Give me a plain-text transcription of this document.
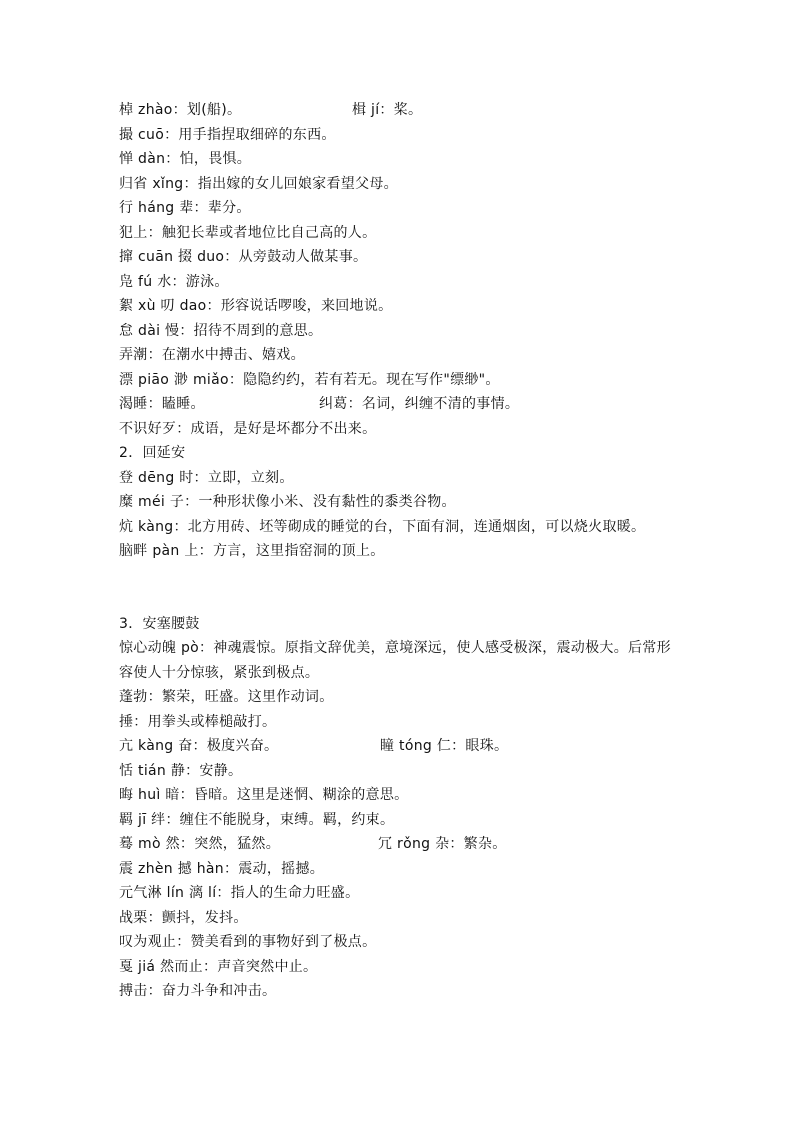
棹 zhào：划(船)。	楫 jí：桨。
撮 cuō：用手指捏取细碎的东西。
惮 dàn：怕，畏惧。
归省 xǐng：指出嫁的女儿回娘家看望父母。
行 háng 辈：辈分。
犯上：触犯长辈或者地位比自己高的人。
撺 cuān 掇 duo：从旁鼓动人做某事。
凫 fú 水：游泳。
絮 xù 叨 dao：形容说话啰唆，来回地说。
怠 dài 慢：招待不周到的意思。
弄潮：在潮水中搏击、嬉戏。
漂 piāo 渺 miǎo：隐隐约约，若有若无。现在写作"缥缈"。
渴睡：瞌睡。	纠葛：名词，纠缠不清的事情。
不识好歹：成语，是好是坏都分不出来。
2．回延安
登 dēng 时：立即，立刻。
糜 méi 子：一种形状像小米、没有黏性的黍类谷物。
炕 kàng：北方用砖、坯等砌成的睡觉的台，下面有洞，连通烟囱，可以烧火取暖。
脑畔 pàn 上：方言，这里指窑洞的顶上。
3．安塞腰鼓
惊心动魄 pò：神魂震惊。原指文辞优美，意境深远，使人感受极深，震动极大。后常形容使人十分惊骇，紧张到极点。
蓬勃：繁荣，旺盛。这里作动词。
捶：用拳头或棒槌敲打。
亢 kàng 奋：极度兴奋。	瞳 tóng 仁：眼珠。
恬 tián 静：安静。
晦 huì 暗：昏暗。这里是迷惘、糊涂的意思。
羁 jī 绊：缠住不能脱身，束缚。羁，约束。
蓦 mò 然：突然，猛然。	冗 rǒng 杂：繁杂。
震 zhèn 撼 hàn：震动，摇撼。
元气淋 lín 漓 lí：指人的生命力旺盛。
战栗：颤抖，发抖。
叹为观止：赞美看到的事物好到了极点。
戛 jiá 然而止：声音突然中止。
搏击：奋力斗争和冲击。
